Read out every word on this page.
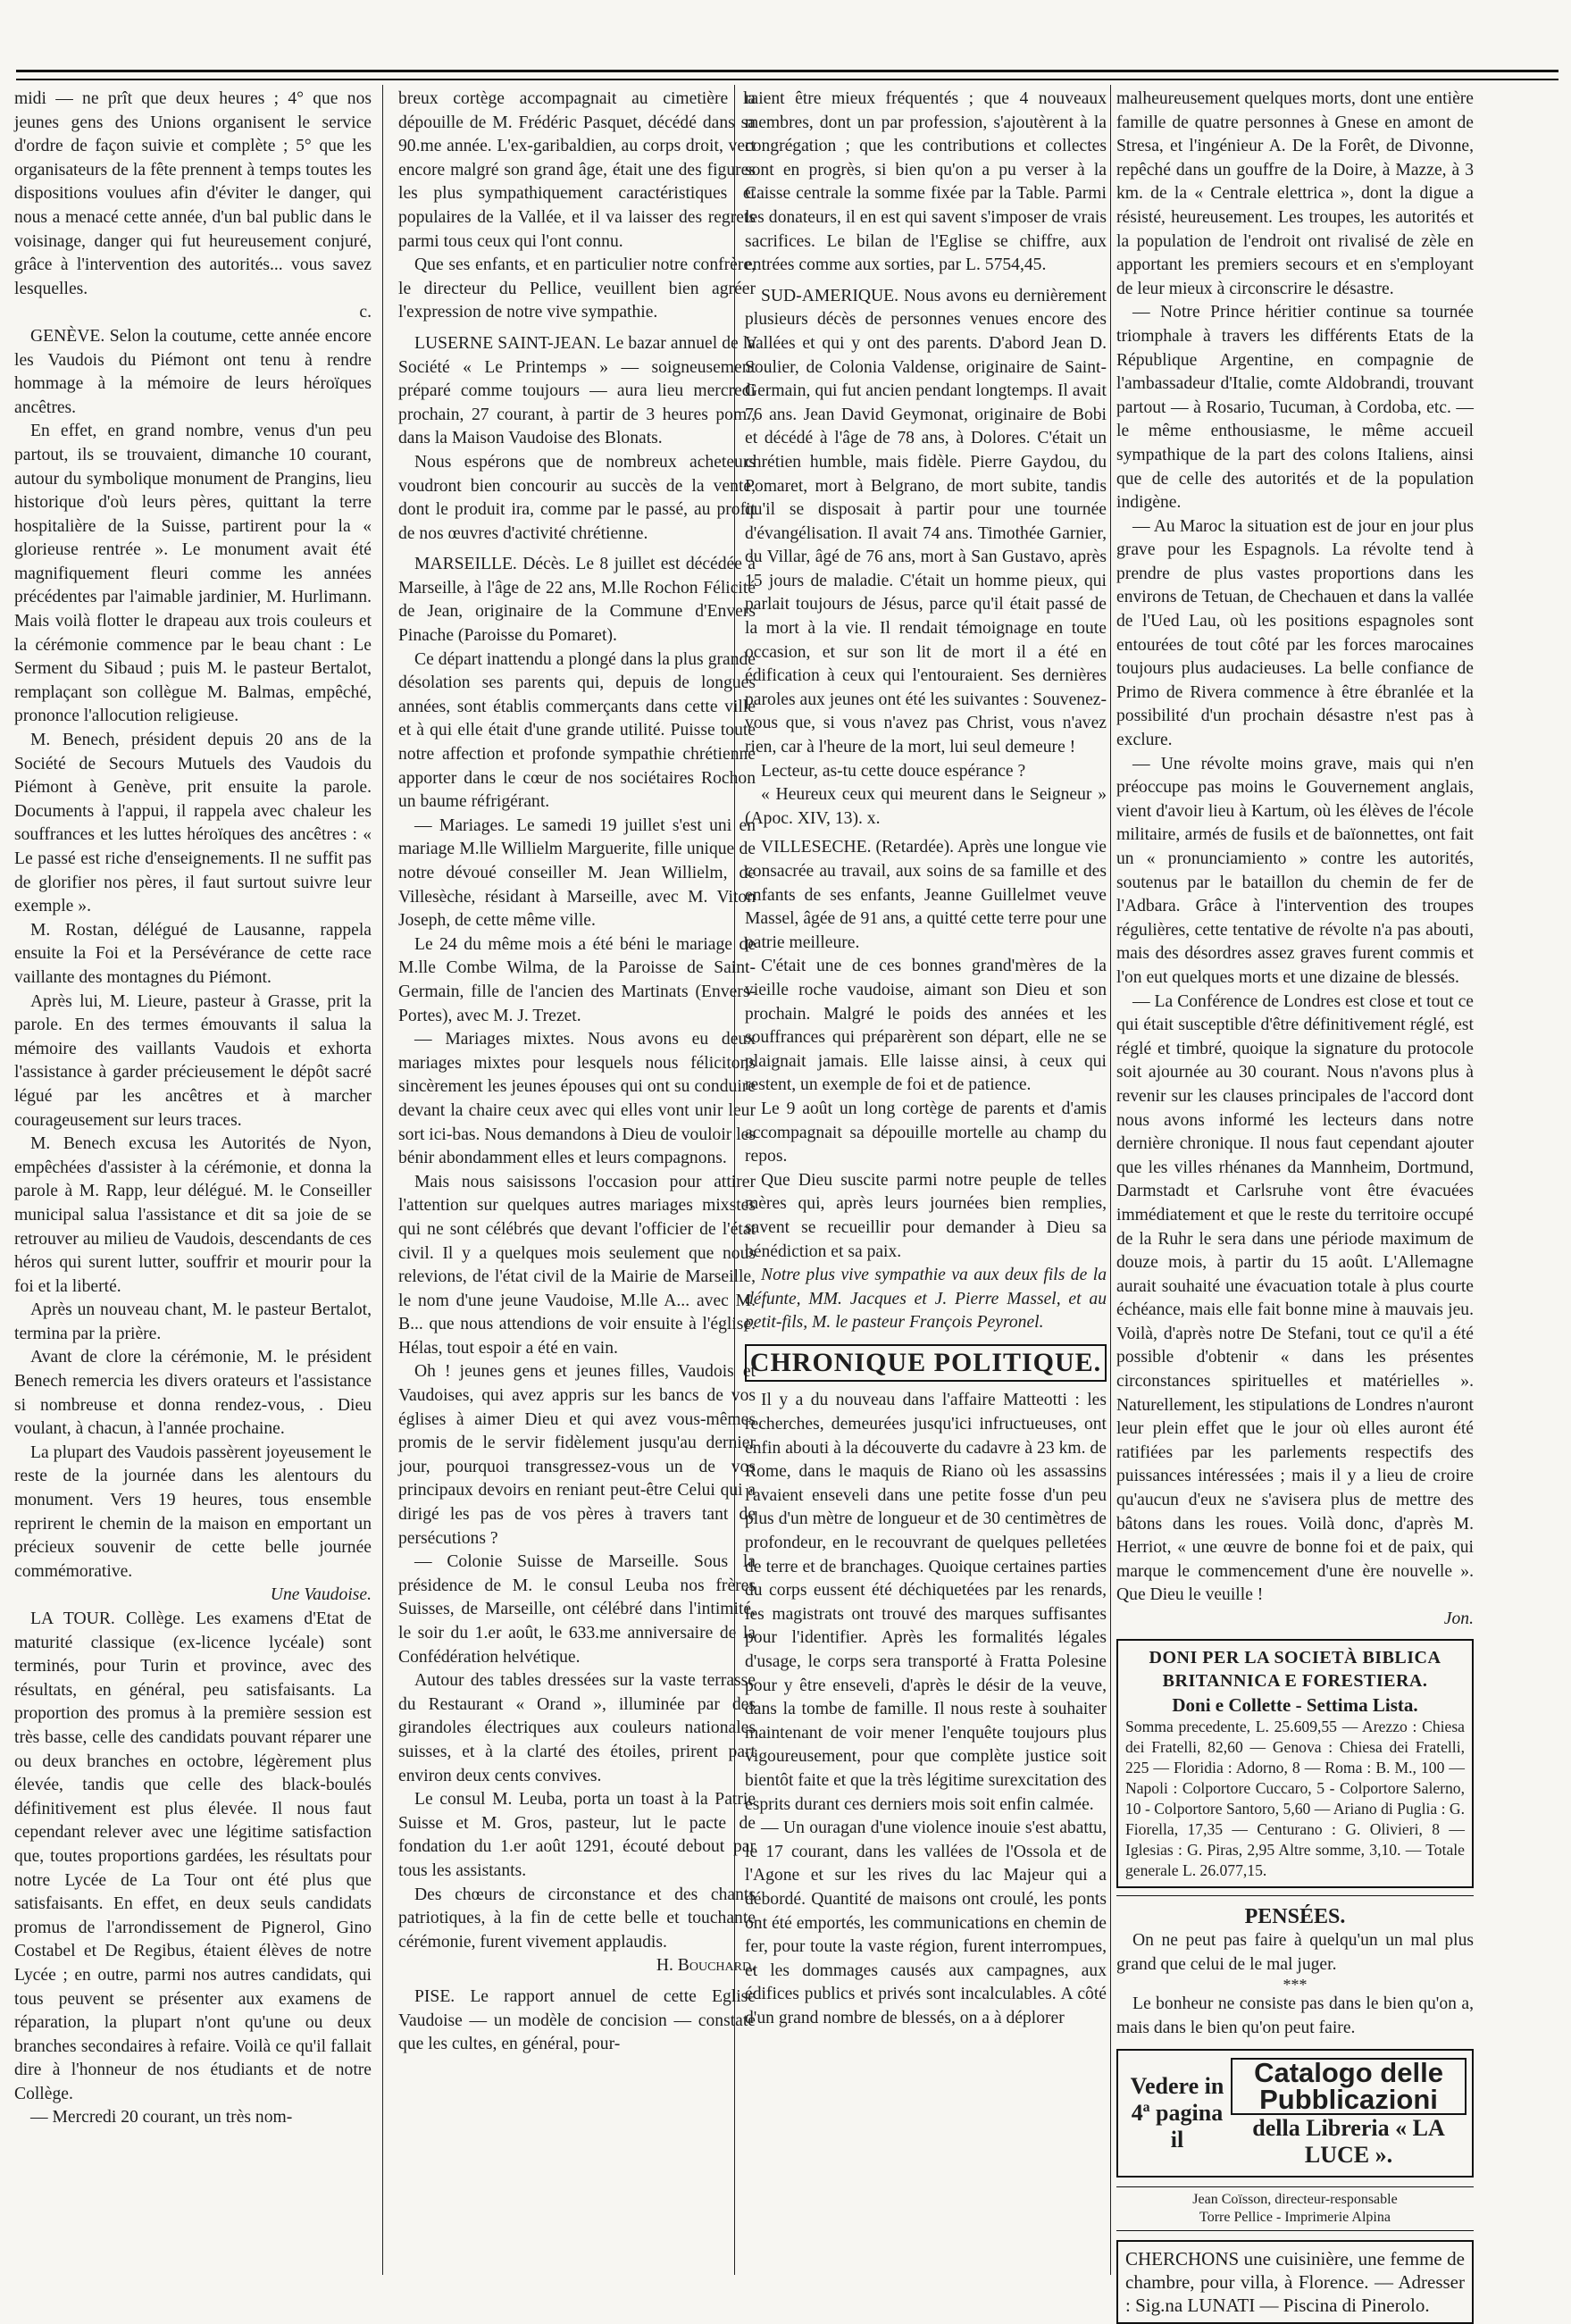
midi — ne prît que deux heures ; 4° que nos jeunes gens des Unions organisent le service d'ordre de façon suivie et complète ; 5° que les organisateurs de la fête prennent à temps toutes les dispositions voulues afin d'éviter le danger, qui nous a menacé cette année, d'un bal public dans le voisinage, danger qui fut heureusement conjuré, grâce à l'intervention des autorités... vous savez lesquelles.

c.

GENÈVE. Selon la coutume, cette année encore les Vaudois du Piémont ont tenu à rendre hommage à la mémoire de leurs héroïques ancêtres.

En effet, en grand nombre, venus d'un peu partout, ils se trouvaient, dimanche 10 courant, autour du symbolique monument de Prangins, lieu historique d'où leurs pères, quittant la terre hospitalière de la Suisse, partirent pour la « glorieuse rentrée ». Le monument avait été magnifiquement fleuri comme les années précédentes par l'aimable jardinier, M. Hurlimann. Mais voilà flotter le drapeau aux trois couleurs et la cérémonie commence par le beau chant : Le Serment du Sibaud ; puis M. le pasteur Bertalot, remplaçant son collègue M. Balmas, empêché, prononce l'allocution religieuse.

M. Benech, président depuis 20 ans de la Société de Secours Mutuels des Vaudois du Piémont à Genève, prit ensuite la parole. Documents à l'appui, il rappela avec chaleur les souffrances et les luttes héroïques des ancêtres : « Le passé est riche d'enseignements. Il ne suffit pas de glorifier nos pères, il faut surtout suivre leur exemple ».

M. Rostan, délégué de Lausanne, rappela ensuite la Foi et la Persévérance de cette race vaillante des montagnes du Piémont.

Après lui, M. Lieure, pasteur à Grasse, prit la parole. En des termes émouvants il salua la mémoire des vaillants Vaudois et exhorta l'assistance à garder précieusement le dépôt sacré légué par les ancêtres et à marcher courageusement sur leurs traces.

M. Benech excusa les Autorités de Nyon, empêchées d'assister à la cérémonie, et donna la parole à M. Rapp, leur délégué. M. le Conseiller municipal salua l'assistance et dit sa joie de se retrouver au milieu de Vaudois, descendants de ces héros qui surent lutter, souffrir et mourir pour la foi et la liberté.

Après un nouveau chant, M. le pasteur Bertalot, termina par la prière.

Avant de clore la cérémonie, M. le président Benech remercia les divers orateurs et l'assistance si nombreuse et donna rendez-vous, . Dieu voulant, à chacun, à l'année prochaine.

La plupart des Vaudois passèrent joyeusement le reste de la journée dans les alentours du monument. Vers 19 heures, tous ensemble reprirent le chemin de la maison en emportant un précieux souvenir de cette belle journée commémorative.

Une Vaudoise.

LA TOUR. Collège. Les examens d'Etat de maturité classique (ex-licence lycéale) sont terminés, pour Turin et province, avec des résultats, en général, peu satisfaisants. La proportion des promus à la première session est très basse, celle des candidats pouvant réparer une ou deux branches en octobre, légèrement plus élevée, tandis que celle des black-boulés définitivement est plus élevée. Il nous faut cependant relever avec une légitime satisfaction que, toutes proportions gardées, les résultats pour notre Lycée de La Tour ont été plus que satisfaisants. En effet, en deux seuls candidats promus de l'arrondissement de Pignerol, Gino Costabel et De Regibus, étaient élèves de notre Lycée ; en outre, parmi nos autres candidats, qui tous peuvent se présenter aux examens de réparation, la plupart n'ont qu'une ou deux branches secondaires à refaire. Voilà ce qu'il fallait dire à l'honneur de nos étudiants et de notre Collège.

— Mercredi 20 courant, un très nom-

breux cortège accompagnait au cimetière la dépouille de M. Frédéric Pasquet, décédé dans sa 90.me année. L'ex-garibaldien, au corps droit, vert encore malgré son grand âge, était une des figures les plus sympathiquement caractéristiques et populaires de la Vallée, et il va laisser des regrets parmi tous ceux qui l'ont connu.

Que ses enfants, et en particulier notre confrère, le directeur du Pellice, veuillent bien agréer l'expression de notre vive sympathie.

LUSERNE SAINT-JEAN. Le bazar annuel de la Société « Le Printemps » — soigneusement préparé comme toujours — aura lieu mercredi prochain, 27 courant, à partir de 3 heures pom., dans la Maison Vaudoise des Blonats.

Nous espérons que de nombreux acheteurs voudront bien concourir au succès de la vente, dont le produit ira, comme par le passé, au profit de nos œuvres d'activité chrétienne.

MARSEILLE. Décès. Le 8 juillet est décédée à Marseille, à l'âge de 22 ans, M.lle Rochon Félicité de Jean, originaire de la Commune d'Envers Pinache (Paroisse du Pomaret).

Ce départ inattendu a plongé dans la plus grande désolation ses parents qui, depuis de longues années, sont établis commerçants dans cette ville et à qui elle était d'une grande utilité. Puisse toute notre affection et profonde sympathie chrétienne apporter dans le cœur de nos sociétaires Rochon un baume réfrigérant.

— Mariages. Le samedi 19 juillet s'est uni en mariage M.lle Willielm Marguerite, fille unique de notre dévoué conseiller M. Jean Willielm, de Villesèche, résidant à Marseille, avec M. Viton Joseph, de cette même ville.

Le 24 du même mois a été béni le mariage de M.lle Combe Wilma, de la Paroisse de Saint-Germain, fille de l'ancien des Martinats (Envers-Portes), avec M. J. Trezet.

— Mariages mixtes. Nous avons eu deux mariages mixtes pour lesquels nous félicitons sincèrement les jeunes épouses qui ont su conduire devant la chaire ceux avec qui elles vont unir leur sort ici-bas. Nous demandons à Dieu de vouloir les bénir abondamment elles et leurs compagnons.

Mais nous saisissons l'occasion pour attirer l'attention sur quelques autres mariages mixstes qui ne sont célébrés que devant l'officier de l'état civil. Il y a quelques mois seulement que nous relevions, de l'état civil de la Mairie de Marseille, le nom d'une jeune Vaudoise, M.lle A... avec M. B... que nous attendions de voir ensuite à l'église. Hélas, tout espoir a été en vain.

Oh ! jeunes gens et jeunes filles, Vaudois et Vaudoises, qui avez appris sur les bancs de vos églises à aimer Dieu et qui avez vous-mêmes promis de le servir fidèlement jusqu'au dernier jour, pourquoi transgressez-vous un de vos principaux devoirs en reniant peut-être Celui qui a dirigé les pas de vos pères à travers tant de persécutions ?

— Colonie Suisse de Marseille. Sous la présidence de M. le consul Leuba nos frères Suisses, de Marseille, ont célébré dans l'intimité, le soir du 1.er août, le 633.me anniversaire de la Confédération helvétique.

Autour des tables dressées sur la vaste terrasse du Restaurant « Orand », illuminée par des girandoles électriques aux couleurs nationales suisses, et à la clarté des étoiles, prirent part environ deux cents convives.

Le consul M. Leuba, porta un toast à la Patrie Suisse et M. Gros, pasteur, lut le pacte de fondation du 1.er août 1291, écouté debout par tous les assistants.

Des chœurs de circonstance et des chants patriotiques, à la fin de cette belle et touchante cérémonie, furent vivement applaudis.

H. Bouchard.

PISE. Le rapport annuel de cette Eglise Vaudoise — un modèle de concision — constate que les cultes, en général, pour-

raient être mieux fréquentés ; que 4 nouveaux membres, dont un par profession, s'ajoutèrent à la congrégation ; que les contributions et collectes sont en progrès, si bien qu'on a pu verser à la Caisse centrale la somme fixée par la Table. Parmi les donateurs, il en est qui savent s'imposer de vrais sacrifices. Le bilan de l'Eglise se chiffre, aux entrées comme aux sorties, par L. 5754,45.

SUD-AMERIQUE. Nous avons eu dernièrement plusieurs décès de personnes venues encore des Vallées et qui y ont des parents. D'abord Jean D. Soulier, de Colonia Valdense, originaire de Saint-Germain, qui fut ancien pendant longtemps. Il avait 76 ans. Jean David Geymonat, originaire de Bobi et décédé à l'âge de 78 ans, à Dolores. C'était un chrétien humble, mais fidèle. Pierre Gaydou, du Pomaret, mort à Belgrano, de mort subite, tandis qu'il se disposait à partir pour une tournée d'évangélisation. Il avait 74 ans. Timothée Garnier, du Villar, âgé de 76 ans, mort à San Gustavo, après 15 jours de maladie. C'était un homme pieux, qui parlait toujours de Jésus, parce qu'il était passé de la mort à la vie. Il rendait témoignage en toute occasion, et sur son lit de mort il a été en édification à ceux qui l'entouraient. Ses dernières paroles aux jeunes ont été les suivantes : Souvenez-vous que, si vous n'avez pas Christ, vous n'avez rien, car à l'heure de la mort, lui seul demeure !

Lecteur, as-tu cette douce espérance ?

« Heureux ceux qui meurent dans le Seigneur » (Apoc. XIV, 13). x.

VILLESECHE. (Retardée). Après une longue vie consacrée au travail, aux soins de sa famille et des enfants de ses enfants, Jeanne Guillelmet veuve Massel, âgée de 91 ans, a quitté cette terre pour une patrie meilleure.

C'était une de ces bonnes grand'mères de la vieille roche vaudoise, aimant son Dieu et son prochain. Malgré le poids des années et les souffrances qui préparèrent son départ, elle ne se plaignait jamais. Elle laisse ainsi, à ceux qui restent, un exemple de foi et de patience.

Le 9 août un long cortège de parents et d'amis accompagnait sa dépouille mortelle au champ du repos.

Que Dieu suscite parmi notre peuple de telles mères qui, après leurs journées bien remplies, savent se recueillir pour demander à Dieu sa bénédiction et sa paix.

Notre plus vive sympathie va aux deux fils de la défunte, MM. Jacques et J. Pierre Massel, et au petit-fils, M. le pasteur François Peyronel.

CHRONIQUE POLITIQUE.

Il y a du nouveau dans l'affaire Matteotti : les recherches, demeurées jusqu'ici infructueuses, ont enfin abouti à la découverte du cadavre à 23 km. de Rome, dans le maquis de Riano où les assassins l'avaient enseveli dans une petite fosse d'un peu plus d'un mètre de longueur et de 30 centimètres de profondeur, en le recouvrant de quelques pelletées de terre et de branchages. Quoique certaines parties du corps eussent été déchiquetées par les renards, les magistrats ont trouvé des marques suffisantes pour l'identifier. Après les formalités légales d'usage, le corps sera transporté à Fratta Polesine pour y être enseveli, d'après le désir de la veuve, dans la tombe de famille. Il nous reste à souhaiter maintenant de voir mener l'enquête toujours plus vigoureusement, pour que complète justice soit bientôt faite et que la très légitime surexcitation des esprits durant ces derniers mois soit enfin calmée.

— Un ouragan d'une violence inouie s'est abattu, le 17 courant, dans les vallées de l'Ossola et de l'Agone et sur les rives du lac Majeur qui a débordé. Quantité de maisons ont croulé, les ponts ont été emportés, les communications en chemin de fer, pour toute la vaste région, furent interrompues, et les dommages causés aux campagnes, aux édifices publics et privés sont incalculables. A côté d'un grand nombre de blessés, on a à déplorer

malheureusement quelques morts, dont une entière famille de quatre personnes à Gnese en amont de Stresa, et l'ingénieur A. De la Forêt, de Divonne, repêché dans un gouffre de la Doire, à Mazze, à 3 km. de la « Centrale elettrica », dont la digue a résisté, heureusement. Les troupes, les autorités et la population de l'endroit ont rivalisé de zèle en apportant les premiers secours et en s'employant de leur mieux à circonscrire le désastre.

— Notre Prince héritier continue sa tournée triomphale à travers les différents Etats de la République Argentine, en compagnie de l'ambassadeur d'Italie, comte Aldobrandi, trouvant partout — à Rosario, Tucuman, à Cordoba, etc. — le même enthousiasme, le même accueil sympathique de la part des colons Italiens, ainsi que de celle des autorités et de la population indigène.

— Au Maroc la situation est de jour en jour plus grave pour les Espagnols. La révolte tend à prendre de plus vastes proportions dans les environs de Tetuan, de Chechauen et dans la vallée de l'Ued Lau, où les positions espagnoles sont entourées de tout côté par les forces marocaines toujours plus audacieuses. La belle confiance de Primo de Rivera commence à être ébranlée et la possibilité d'un prochain désastre n'est pas à exclure.

— Une révolte moins grave, mais qui n'en préoccupe pas moins le Gouvernement anglais, vient d'avoir lieu à Kartum, où les élèves de l'école militaire, armés de fusils et de baïonnettes, ont fait un « pronunciamiento » contre les autorités, soutenus par le bataillon du chemin de fer de l'Adbara. Grâce à l'intervention des troupes régulières, cette tentative de révolte n'a pas abouti, mais des désordres assez graves furent commis et l'on eut quelques morts et une dizaine de blessés.

— La Conférence de Londres est close et tout ce qui était susceptible d'être définitivement réglé, est réglé et timbré, quoique la signature du protocole soit ajournée au 30 courant. Nous n'avons plus à revenir sur les clauses principales de l'accord dont nous avons informé les lecteurs dans notre dernière chronique. Il nous faut cependant ajouter que les villes rhénanes da Mannheim, Dortmund, Darmstadt et Carlsruhe vont être évacuées immédiatement et que le reste du territoire occupé de la Ruhr le sera dans une période maximum de douze mois, à partir du 15 août. L'Allemagne aurait souhaité une évacuation totale à plus courte échéance, mais elle fait bonne mine à mauvais jeu. Voilà, d'après notre De Stefani, tout ce qu'il a été possible d'obtenir « dans les présentes circonstances spirituelles et matérielles ». Naturellement, les stipulations de Londres n'auront leur plein effet que le jour où elles auront été ratifiées par les parlements respectifs des puissances intéressées ; mais il y a lieu de croire qu'aucun d'eux ne s'avisera plus de mettre des bâtons dans les roues. Voilà donc, d'après M. Herriot, « une œuvre de bonne foi et de paix, qui marque le commencement d'une ère nouvelle ». Que Dieu le veuille !

Jon.

DONI PER LA SOCIETÀ BIBLICA BRITANNICA E FORESTIERA.
Doni e Collette - Settima Lista.

Somma precedente, L. 25.609,55 — Arezzo : Chiesa dei Fratelli, 82,60 — Genova : Chiesa dei Fratelli, 225 — Floridia : Adorno, 8 — Roma : B. M., 100 — Napoli : Colportore Cuccaro, 5 - Colportore Salerno, 10 - Colportore Santoro, 5,60 — Ariano di Puglia : G. Fiorella, 17,35 — Centurano : G. Olivieri, 8 — Iglesias : G. Piras, 2,95 Altre somme, 3,10. — Totale generale L. 26.077,15.

PENSÉES.

On ne peut pas faire à quelqu'un un mal plus grand que celui de le mal juger.

***

Le bonheur ne consiste pas dans le bien qu'on a, mais dans le bien qu'on peut faire.

Vedere in 4ª pagina il
Catalogo delle Pubblicazioni
della Libreria « LA LUCE ».
Jean Coïsson, directeur-responsable
Torre Pellice - Imprimerie Alpina
CHERCHONS une cuisinière, une femme de chambre, pour villa, à Florence. — Adresser : Sig.na LUNATI — Piscina di Pinerolo.
